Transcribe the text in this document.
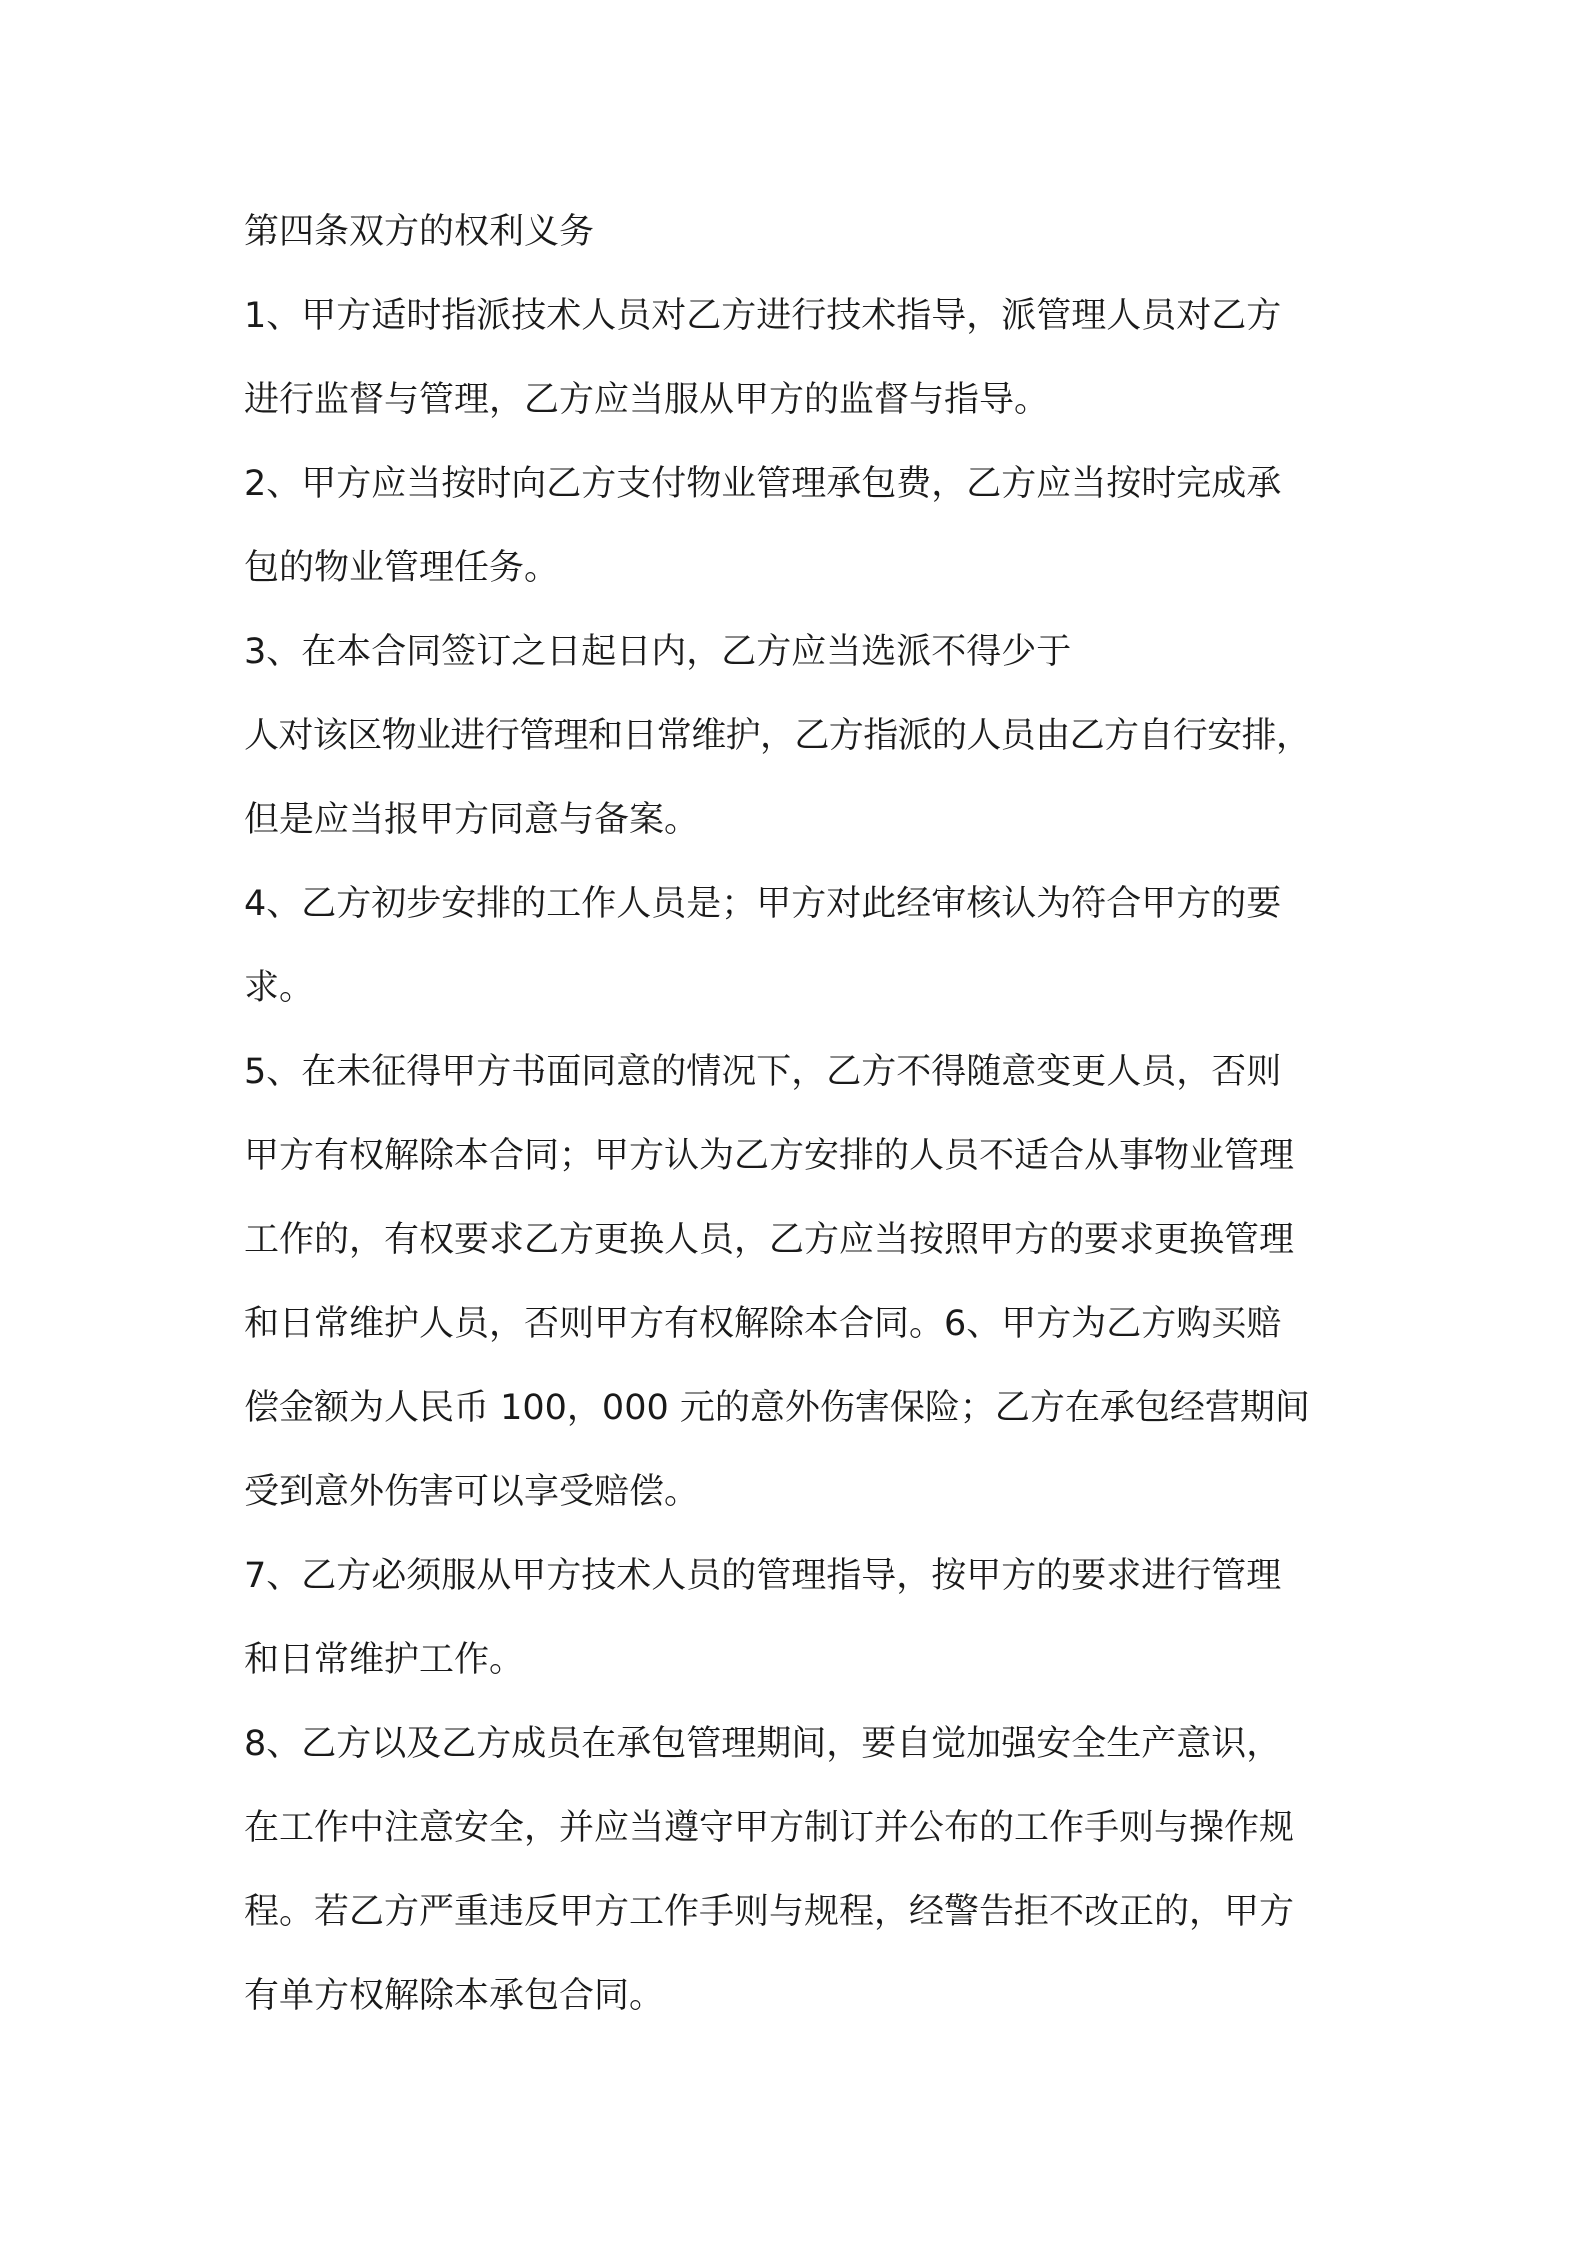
第四条双方的权利义务
1、甲方适时指派技术人员对乙方进行技术指导，派管理人员对乙方
进行监督与管理，乙方应当服从甲方的监督与指导。
2、甲方应当按时向乙方支付物业管理承包费，乙方应当按时完成承
包的物业管理任务。
3、在本合同签订之日起日内，乙方应当选派不得少于
人对该区物业进行管理和日常维护，乙方指派的人员由乙方自行安排，
但是应当报甲方同意与备案。
4、乙方初步安排的工作人员是；甲方对此经审核认为符合甲方的要
求。
5、在未征得甲方书面同意的情况下，乙方不得随意变更人员，否则
甲方有权解除本合同；甲方认为乙方安排的人员不适合从事物业管理
工作的，有权要求乙方更换人员，乙方应当按照甲方的要求更换管理
和日常维护人员，否则甲方有权解除本合同。6、甲方为乙方购买赔
偿金额为人民币 100，000 元的意外伤害保险；乙方在承包经营期间
受到意外伤害可以享受赔偿。
7、乙方必须服从甲方技术人员的管理指导，按甲方的要求进行管理
和日常维护工作。
8、乙方以及乙方成员在承包管理期间，要自觉加强安全生产意识，
在工作中注意安全，并应当遵守甲方制订并公布的工作手则与操作规
程。若乙方严重违反甲方工作手则与规程，经警告拒不改正的，甲方
有单方权解除本承包合同。
